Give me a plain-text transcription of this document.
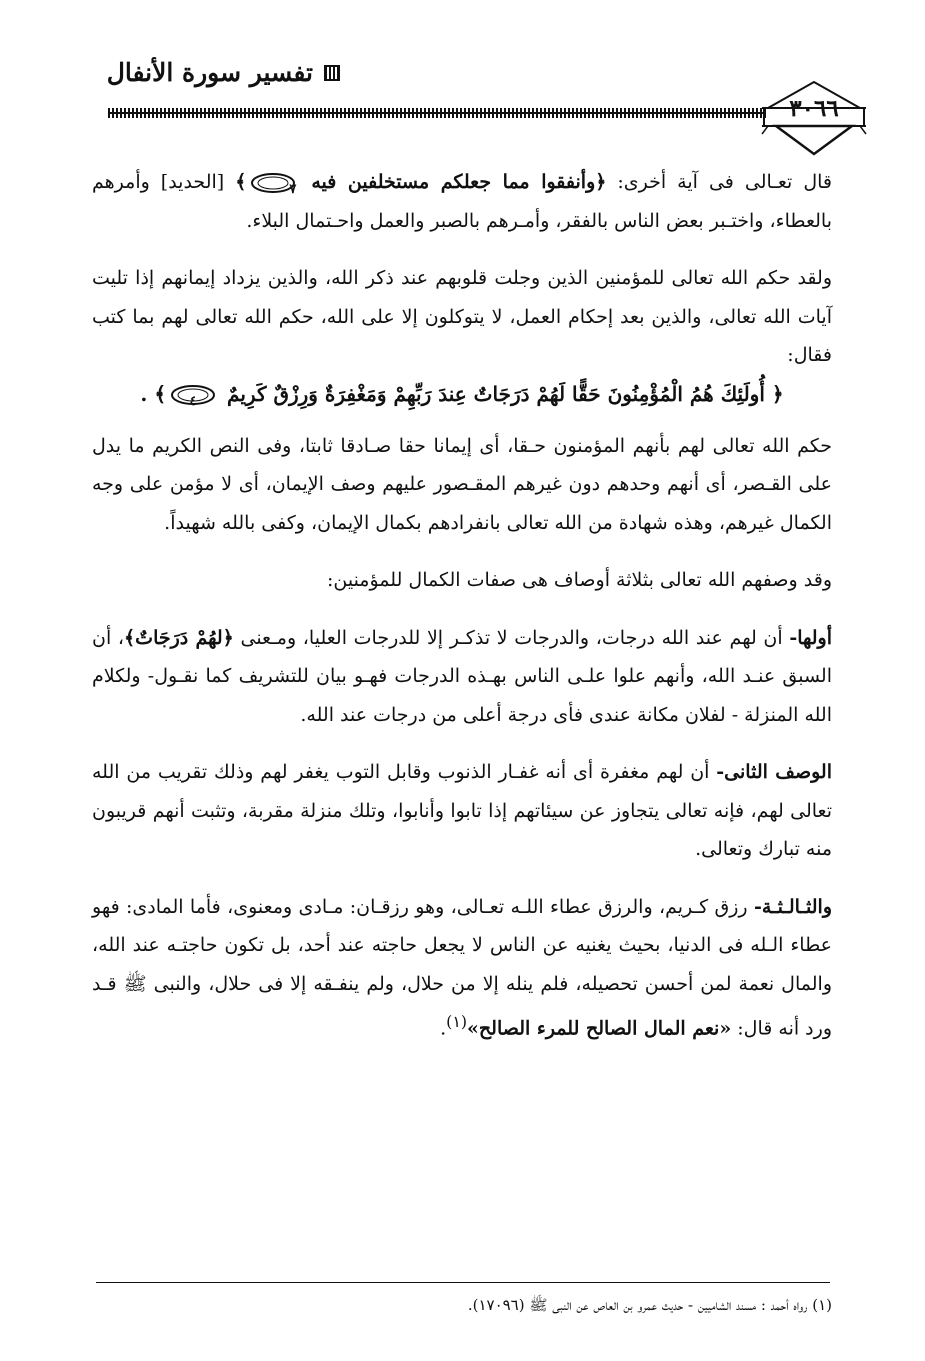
تفسير سورة الأنفال
٣٠٦٦

قال تعـالى فى آية أخرى: ﴿وأنفقوا مما جعلكم مستخلفين فيه
٧
﴾ [الحديد] وأمرهم بالعطاء، واختـبر بعض الناس بالفقر، وأمـرهم بالصبر والعمل واحـتمال البلاء.

ولقد حكم الله تعالى للمؤمنين الذين وجلت قلوبهم عند ذكر الله، والذين يزداد إيمانهم إذا تليت آيات الله تعالى، والذين بعد إحكام العمل، لا يتوكلون إلا على الله، حكم الله تعالى لهم بما كتب فقال:

﴿ أُولَئِكَ هُمُ الْمُؤْمِنُونَ حَقًّا لَهُمْ دَرَجَاتٌ عِندَ رَبِّهِمْ وَمَغْفِرَةٌ وَرِزْقٌ كَرِيمٌ
٤
﴾ .

حكم الله تعالى لهم بأنهم المؤمنون حـقا، أى إيمانا حقا صـادقا ثابتا، وفى النص الكريم ما يدل على القـصر، أى أنهم وحدهم دون غيرهم المقـصور عليهم وصف الإيمان، أى لا مؤمن على وجه الكمال غيرهم، وهذه شهادة من الله تعالى بانفرادهم بكمال الإيمان، وكفى بالله شهيداً.

وقد وصفهم الله تعالى بثلاثة أوصاف هى صفات الكمال للمؤمنين:

أولها- أن لهم عند الله درجات، والدرجات لا تذكـر إلا للدرجات العليا، ومـعنى ﴿لهُمْ دَرَجَاتٌ﴾، أن السبق عنـد الله، وأنهم علوا علـى الناس بهـذه الدرجات فهـو بيان للتشريف كما نقـول- ولكلام الله المنزلة - لفلان مكانة عندى فأى درجة أعلى من درجات عند الله.

الوصف الثانى- أن لهم مغفرة أى أنه غفـار الذنوب وقابل التوب يغفر لهم وذلك تقريب من الله تعالى لهم، فإنه تعالى يتجاوز عن سيئاتهم إذا تابوا وأنابوا، وتلك منزلة مقربة، وتثبت أنهم قريبون منه تبارك وتعالى.

والثـالـثـة- رزق كـريم، والرزق عطاء اللـه تعـالى، وهو رزقـان: مـادى ومعنوى، فأما المادى: فهو عطاء الـله فى الدنيا، بحيث يغنيه عن الناس لا يجعل حاجته عند أحد، بل تكون حاجتـه عند الله، والمال نعمة لمن أحسن تحصيله، فلم ينله إلا من حلال، ولم ينفـقه إلا فى حلال، والنبى ﷺ قـد ورد أنه قال: «نعم المال الصالح للمرء الصالح»$^{(١)}$.

(١) رواه أحمد : مسند الشاميين - حديث عمرو بن العاص عن النبى ﷺ (١٧٠٩٦).
